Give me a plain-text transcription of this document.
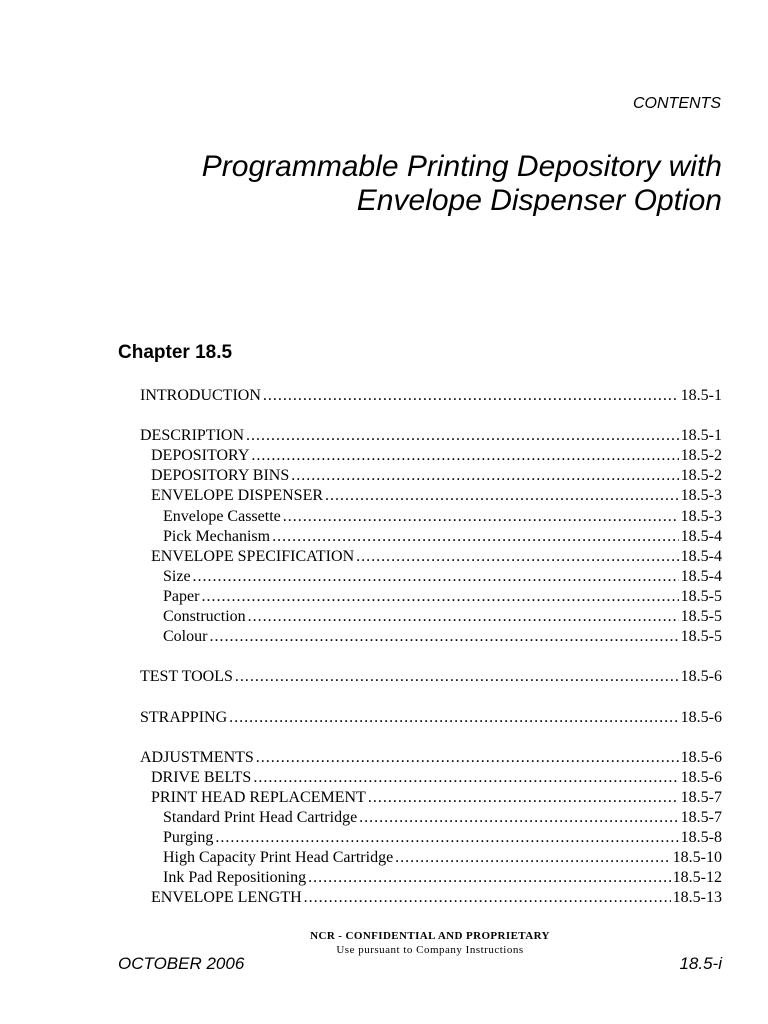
CONTENTS
Programmable Printing Depository with
Envelope Dispenser Option
Chapter 18.5
INTRODUCTION .....	18.5-1
DESCRIPTION .....	18.5-1
DEPOSITORY .....	18.5-2
DEPOSITORY BINS .....	18.5-2
ENVELOPE DISPENSER .....	18.5-3
Envelope Cassette .....	18.5-3
Pick Mechanism .....	18.5-4
ENVELOPE SPECIFICATION .....	18.5-4
Size .....	18.5-4
Paper .....	18.5-5
Construction .....	18.5-5
Colour .....	18.5-5
TEST TOOLS .....	18.5-6
STRAPPING .....	18.5-6
ADJUSTMENTS .....	18.5-6
DRIVE BELTS .....	18.5-6
PRINT HEAD REPLACEMENT .....	18.5-7
Standard Print Head Cartridge .....	18.5-7
Purging .....	18.5-8
High Capacity Print Head Cartridge .....	18.5-10
Ink Pad Repositioning .....	18.5-12
ENVELOPE LENGTH .....	18.5-13
NCR - CONFIDENTIAL AND PROPRIETARY
Use pursuant to Company Instructions
OCTOBER 2006	18.5-i
